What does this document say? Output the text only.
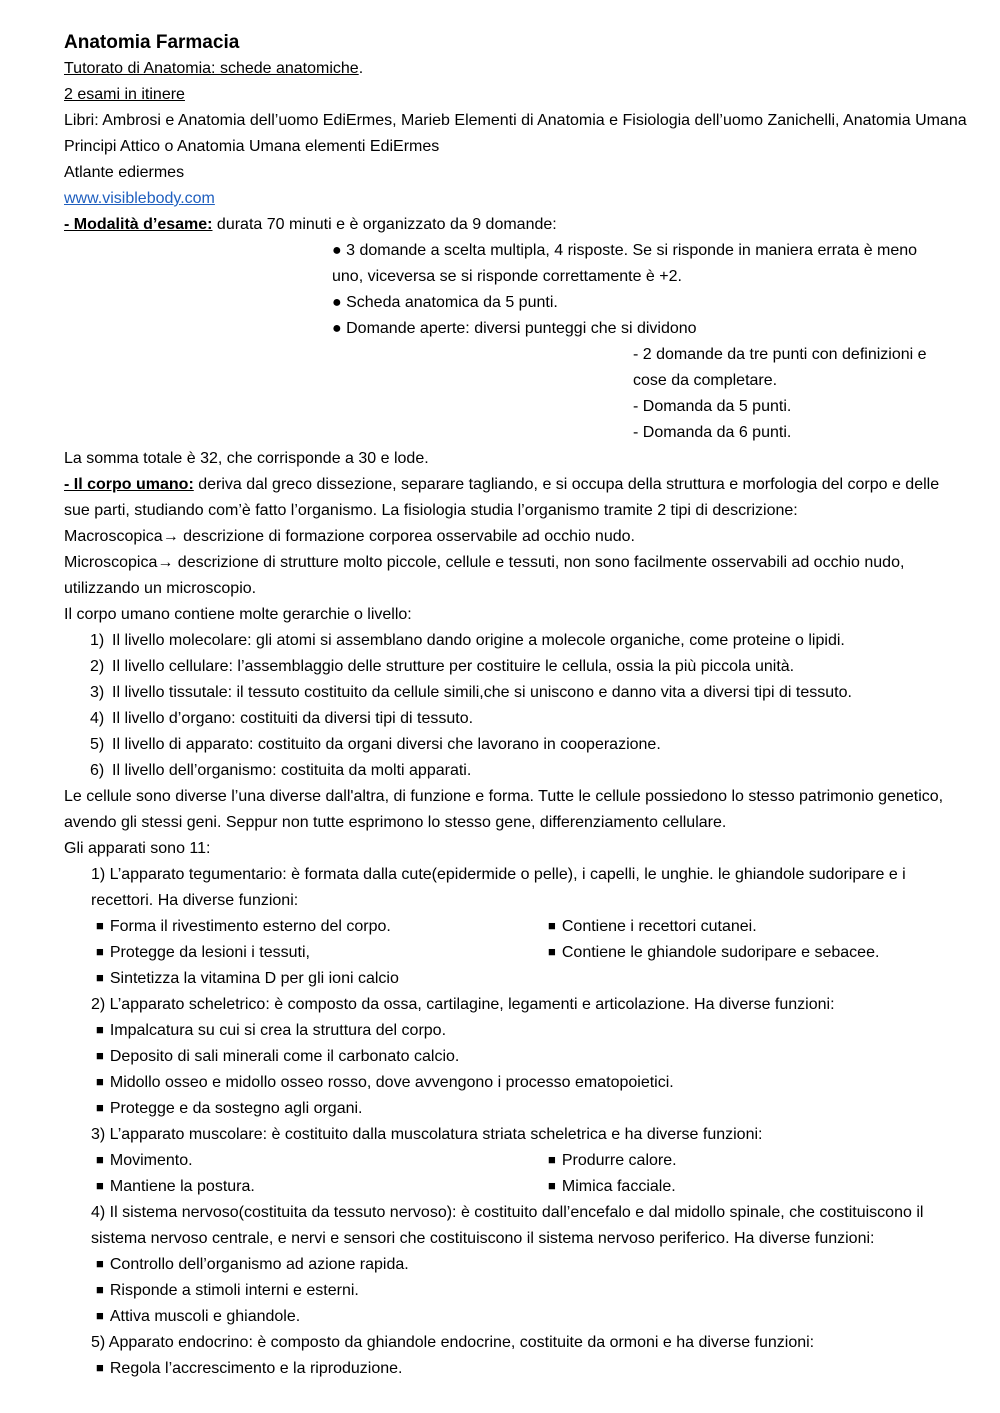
Anatomia Farmacia
Tutorato di Anatomia: schede anatomiche.
2 esami in itinere
Libri: Ambrosi e Anatomia dell’uomo EdiErmes, Marieb Elementi di Anatomia e Fisiologia dell’uomo Zanichelli, Anatomia Umana Principi Attico o Anatomia Umana elementi EdiErmes
Atlante ediermes
www.visiblebody.com
- Modalità d’esame: durata 70 minuti e è organizzato da 9 domande:
● 3 domande a scelta multipla, 4 risposte. Se si risponde in maniera errata è meno
uno, viceversa se si risponde correttamente è +2.
● Scheda anatomica da 5 punti.
● Domande aperte: diversi punteggi che si dividono
- 2 domande da tre punti con definizioni e
cose da completare.
- Domanda da 5 punti.
- Domanda da 6 punti.
La somma totale è 32, che corrisponde a 30 e lode.
- Il corpo umano: deriva dal greco dissezione, separare tagliando, e si occupa della struttura e morfologia del corpo e delle sue parti, studiando com’è fatto l’organismo. La fisiologia studia l’organismo tramite 2 tipi di descrizione:
Macroscopica→ descrizione di formazione corporea osservabile ad occhio nudo.
Microscopica→ descrizione di strutture molto piccole, cellule e tessuti, non sono facilmente osservabili ad occhio nudo, utilizzando un microscopio.
Il corpo umano contiene molte gerarchie o livello:
1) Il livello molecolare: gli atomi si assemblano dando origine a molecole organiche, come proteine o lipidi.
2) Il livello cellulare: l’assemblaggio delle strutture per costituire le cellula, ossia la più piccola unità.
3) Il livello tissutale: il tessuto costituito da cellule simili,che si uniscono e danno vita a diversi tipi di tessuto.
4) Il livello d’organo: costituiti da diversi tipi di tessuto.
5) Il livello di apparato: costituito da organi diversi che lavorano in cooperazione.
6) Il livello dell’organismo: costituita da molti apparati.
Le cellule sono diverse l’una diverse dall'altra, di funzione e forma. Tutte le cellule possiedono lo stesso patrimonio genetico, avendo gli stessi geni. Seppur non tutte esprimono lo stesso gene, differenziamento cellulare.
Gli apparati sono 11:
1) L’apparato tegumentario: è formata dalla cute(epidermide o pelle), i capelli, le unghie. le ghiandole sudoripare e i recettori. Ha diverse funzioni:
■ Forma il rivestimento esterno del corpo.
■ Protegge da lesioni i tessuti,
■ Sintetizza la vitamina D per gli ioni calcio
■ Contiene i recettori cutanei.
■ Contiene le ghiandole sudoripare e sebacee.
2) L’apparato scheletrico: è composto da ossa, cartilagine, legamenti e articolazione. Ha diverse funzioni:
■ Impalcatura su cui si crea la struttura del corpo.
■ Deposito di sali minerali come il carbonato calcio.
■ Midollo osseo e midollo osseo rosso, dove avvengono i processo ematopoietici.
■ Protegge e da sostegno agli organi.
3) L’apparato muscolare: è costituito dalla muscolatura striata scheletrica e ha diverse funzioni:
■ Movimento.
■ Mantiene la postura.
■ Produrre calore.
■ Mimica facciale.
4) Il sistema nervoso(costituita da tessuto nervoso): è costituito dall’encefalo e dal midollo spinale, che costituiscono il sistema nervoso centrale, e nervi e sensori che costituiscono il sistema nervoso periferico. Ha diverse funzioni:
■ Controllo dell’organismo ad azione rapida.
■ Risponde a stimoli interni e esterni.
■ Attiva muscoli e ghiandole.
5) Apparato endocrino: è composto da ghiandole endocrine, costituite da ormoni e ha diverse funzioni:
■ Regola l’accrescimento e la riproduzione.
